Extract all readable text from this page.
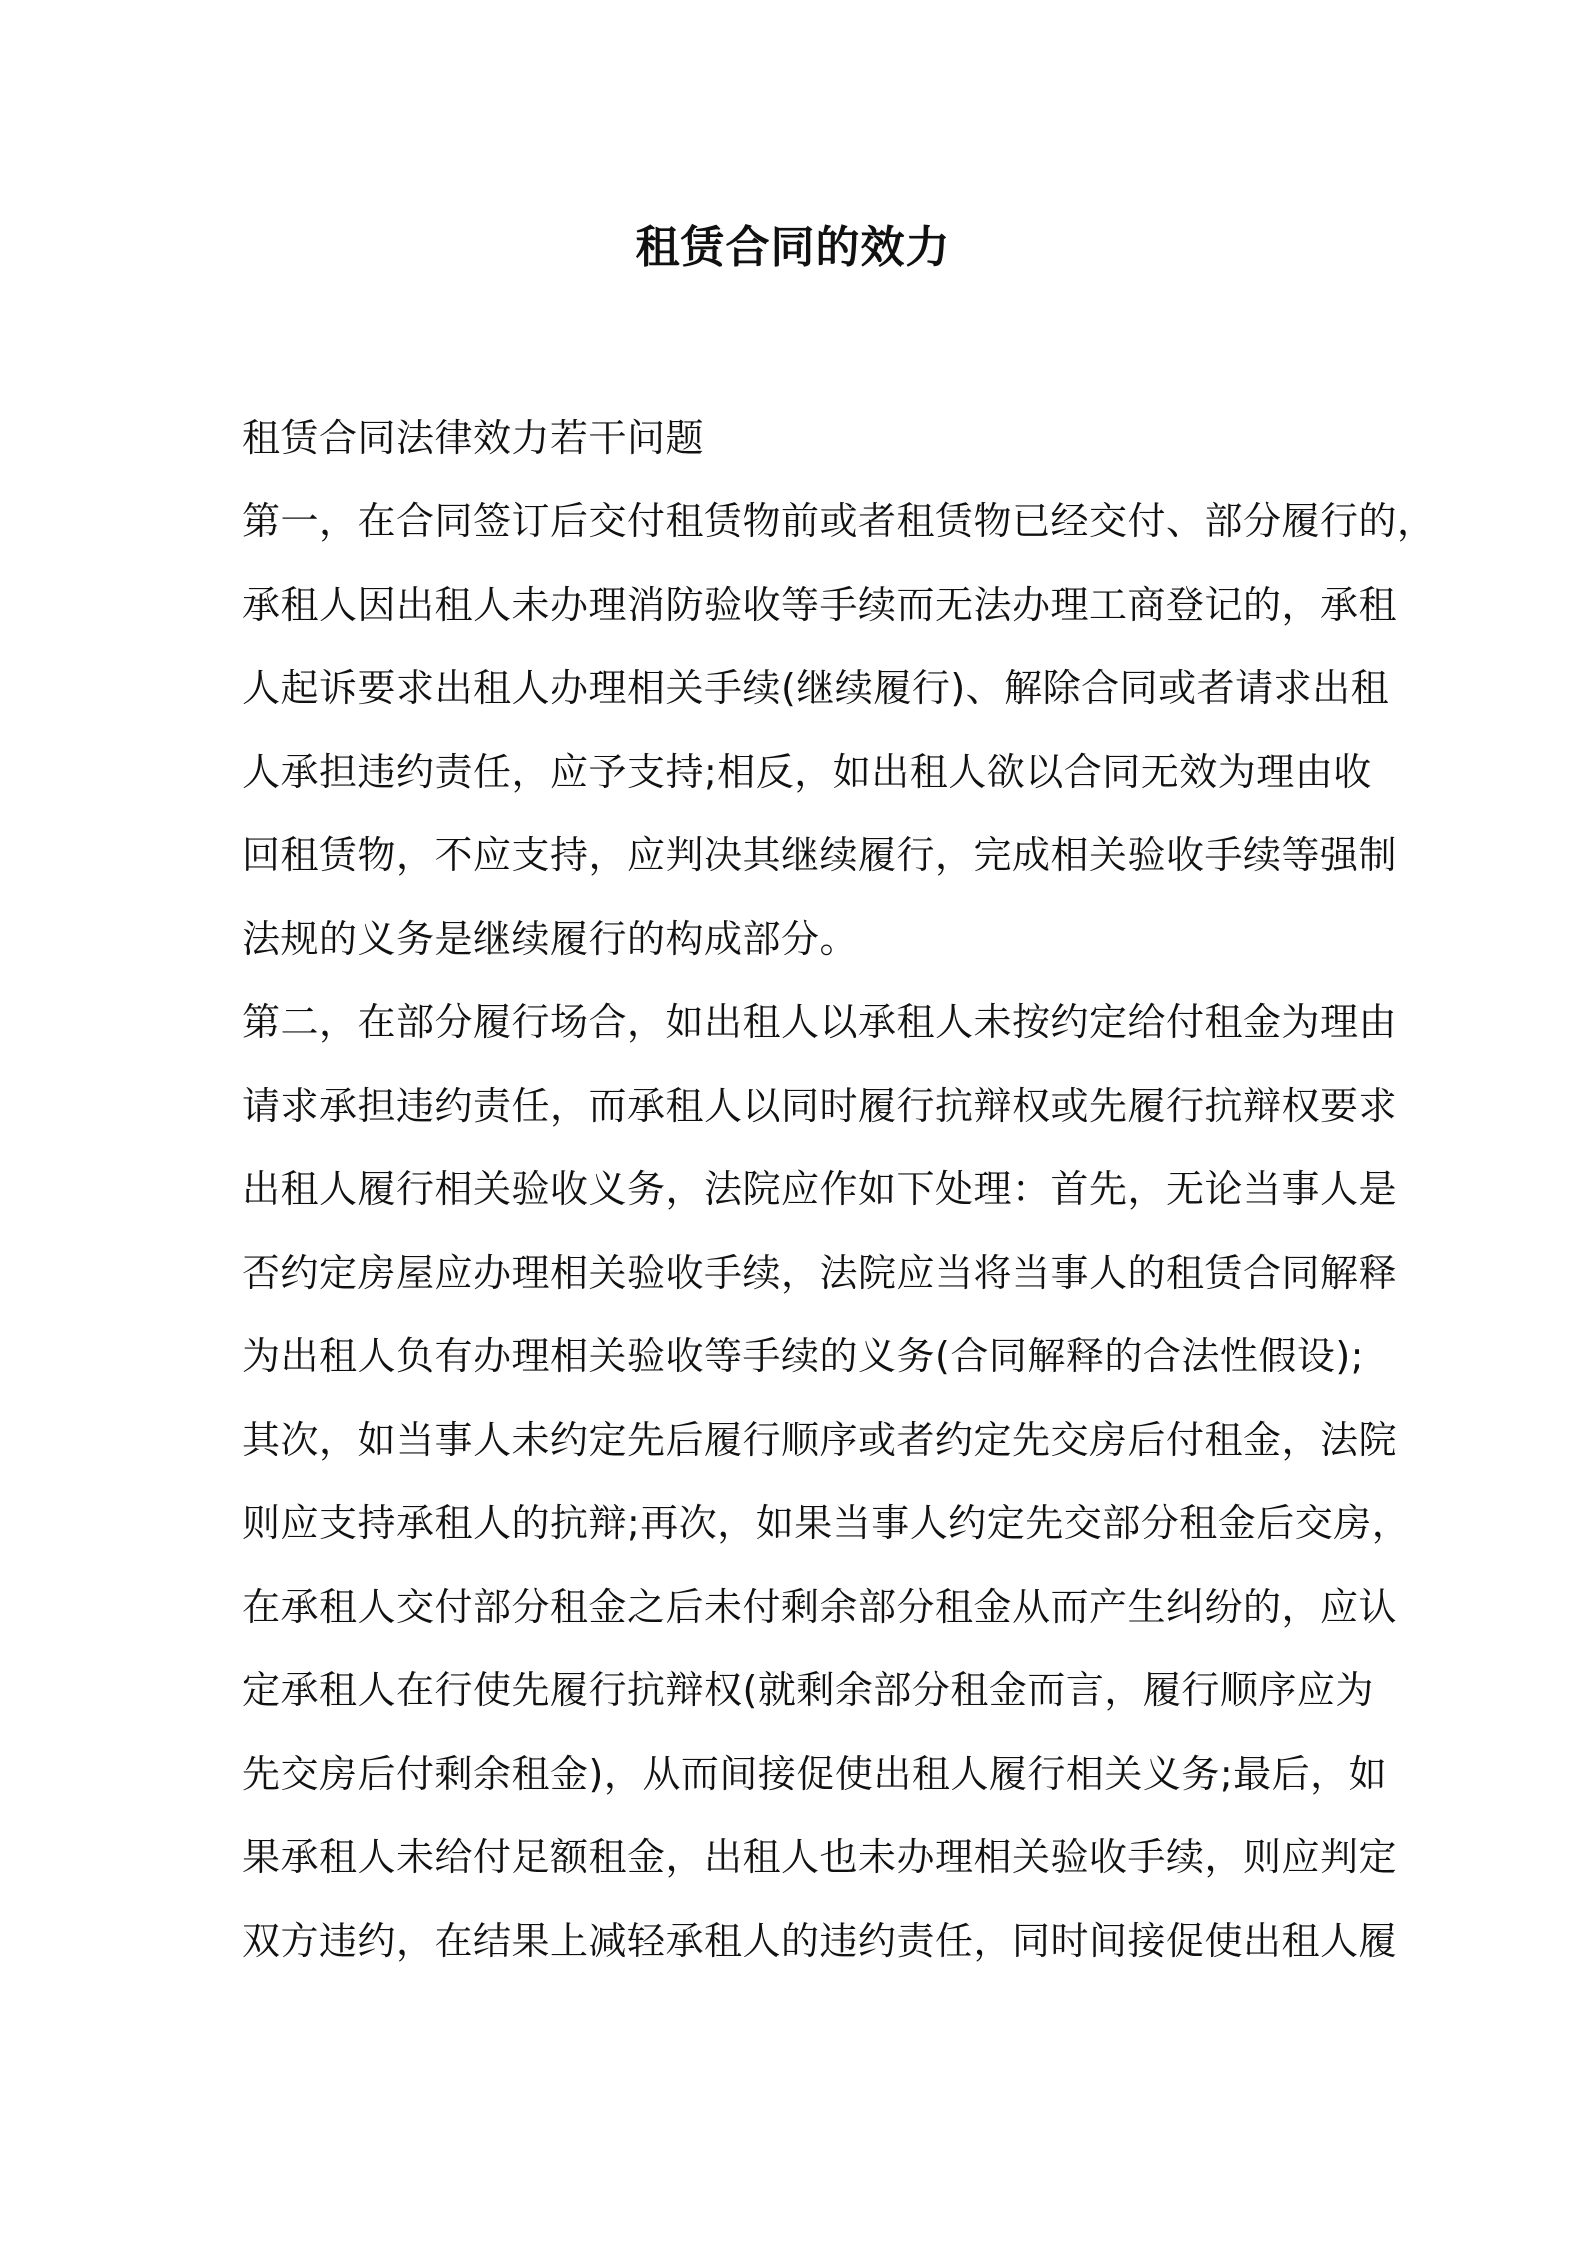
租赁合同的效力
租赁合同法律效力若干问题
第一，在合同签订后交付租赁物前或者租赁物已经交付、部分履行的，
承租人因出租人未办理消防验收等手续而无法办理工商登记的，承租
人起诉要求出租人办理相关手续(继续履行)、解除合同或者请求出租
人承担违约责任，应予支持;相反，如出租人欲以合同无效为理由收
回租赁物，不应支持，应判决其继续履行，完成相关验收手续等强制
法规的义务是继续履行的构成部分。
第二，在部分履行场合，如出租人以承租人未按约定给付租金为理由
请求承担违约责任，而承租人以同时履行抗辩权或先履行抗辩权要求
出租人履行相关验收义务，法院应作如下处理：首先，无论当事人是
否约定房屋应办理相关验收手续，法院应当将当事人的租赁合同解释
为出租人负有办理相关验收等手续的义务(合同解释的合法性假设);
其次，如当事人未约定先后履行顺序或者约定先交房后付租金，法院
则应支持承租人的抗辩;再次，如果当事人约定先交部分租金后交房，
在承租人交付部分租金之后未付剩余部分租金从而产生纠纷的，应认
定承租人在行使先履行抗辩权(就剩余部分租金而言，履行顺序应为
先交房后付剩余租金)，从而间接促使出租人履行相关义务;最后，如
果承租人未给付足额租金，出租人也未办理相关验收手续，则应判定
双方违约，在结果上减轻承租人的违约责任，同时间接促使出租人履
